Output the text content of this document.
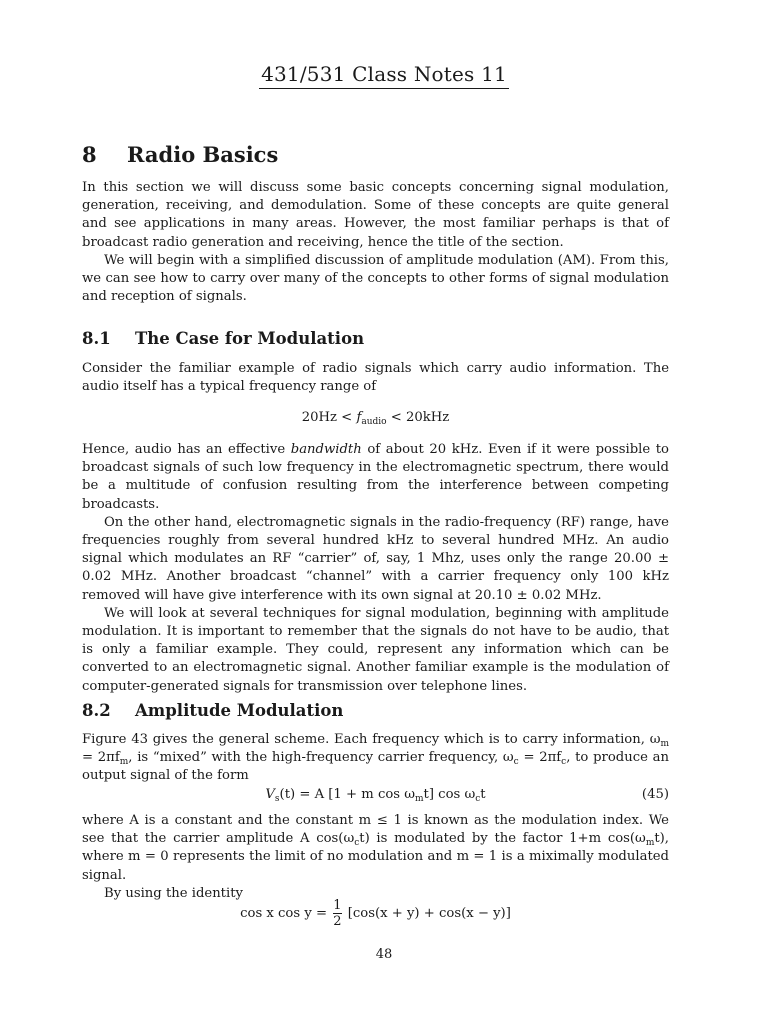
431/531 Class Notes 11
8 Radio Basics

In this section we will discuss some basic concepts concerning signal modulation, generation, receiving, and demodulation. Some of these concepts are quite general and see applications in many areas. However, the most familiar perhaps is that of broadcast radio generation and receiving, hence the title of the section.

We will begin with a simplified discussion of amplitude modulation (AM). From this, we can see how to carry over many of the concepts to other forms of signal modulation and reception of signals.

8.1 The Case for Modulation

Consider the familiar example of radio signals which carry audio information. The audio itself has a typical frequency range of

$20Hz < f_{audio} < 20kHz$

Hence, audio has an effective bandwidth of about 20 kHz. Even if it were possible to broadcast signals of such low frequency in the electromagnetic spectrum, there would be a multitude of confusion resulting from the interference between competing broadcasts.

On the other hand, electromagnetic signals in the radio-frequency (RF) range, have frequencies roughly from several hundred kHz to several hundred MHz. An audio signal which modulates an RF “carrier” of, say, 1 Mhz, uses only the range 20.00 ± 0.02 MHz. Another broadcast “channel” with a carrier frequency only 100 kHz removed will have give interference with its own signal at 20.10 ± 0.02 MHz.

We will look at several techniques for signal modulation, beginning with amplitude modulation. It is important to remember that the signals do not have to be audio, that is only a familiar example. They could, represent any information which can be converted to an electromagnetic signal. Another familiar example is the modulation of computer-generated signals for transmission over telephone lines.

8.2 Amplitude Modulation

Figure 43 gives the general scheme. Each frequency which is to carry information, $\omega_m = 2\pi f_m$, is “mixed” with the high-frequency carrier frequency, $\omega_c = 2\pi f_c$, to produce an output signal of the form

$V_s(t) = A$ [1 + m $\cos \omega_mt$] $\cos \omega_ct$	(45)

where A is a constant and the constant m ≤ 1 is known as the modulation index. We see that the carrier amplitude A $\cos(\omega_ct)$ is modulated by the factor 1+m $\cos(\omega_mt)$, where m = 0 represents the limit of no modulation and m = 1 is a miximally modulated signal.

By using the identity

cos x $\cos y = \frac{1}{2} [\cos(x + y) + \cos(x - y)]$
48
